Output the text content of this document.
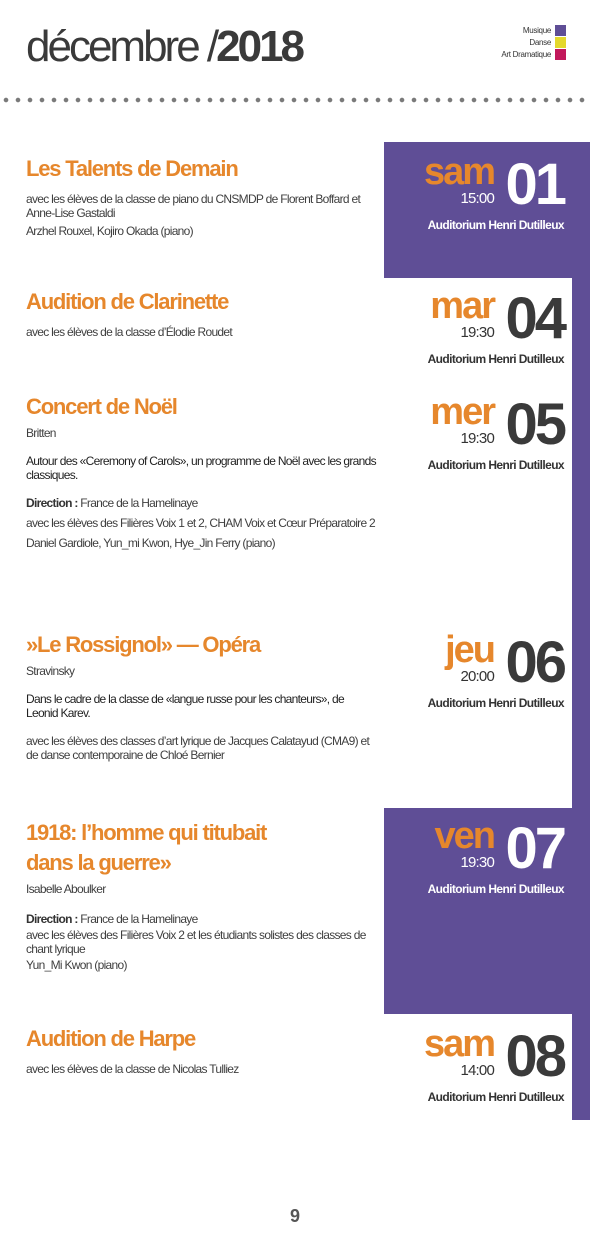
décembre /2018	Musique
Danse
Art Dramatique
Les Talents de Demain
avec les élèves de la classe de piano du CNSMDP de Florent Boffard et Anne-Lise Gastaldi
Arzhel Rouxel, Kojiro Okada (piano)
sam
15:00 01
Auditorium Henri Dutilleux
Audition de Clarinette
avec les élèves de la classe d’Élodie Roudet
mar
19:30 04
Auditorium Henri Dutilleux
Concert de Noël
Britten
Autour des «Ceremony of Carols», un programme de Noël avec les grands classiques.
Direction : France de la Hamelinaye
avec les élèves des Filières Voix 1 et 2, CHAM Voix et Cœur Préparatoire 2
Daniel Gardiole, Yun_mi Kwon, Hye_Jin Ferry (piano)
mer
19:30 05
Auditorium Henri Dutilleux
»Le Rossignol» — Opéra
Stravinsky
Dans le cadre de la classe de «langue russe pour les chanteurs», de Leonid Karev.
avec les élèves des classes d’art lyrique de Jacques Calatayud (CMA9) et de danse contemporaine de Chloé Bernier
jeu
20:00 06
Auditorium Henri Dutilleux
1918: l’homme qui titubait
dans la guerre»
Isabelle Aboulker
Direction : France de la Hamelinaye
avec les élèves des Filières Voix 2 et les étudiants solistes des classes de chant lyrique
Yun_Mi Kwon (piano)
ven
19:30 07
Auditorium Henri Dutilleux
Audition de Harpe
avec les élèves de la classe de Nicolas Tulliez
sam
14:00 08
Auditorium Henri Dutilleux
9
